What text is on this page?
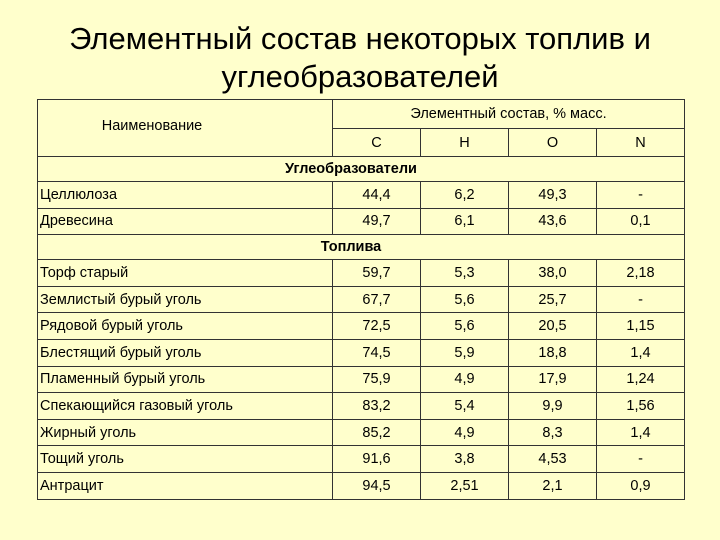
Элементный состав некоторых топлив и
углеобразователей
Наименование	Элементный состав, % масс.			
	C	H	O	N
Углеобразователи				
Целлюлоза	44,4	6,2	49,3	-
Древесина	49,7	6,1	43,6	0,1
Топлива				
Торф старый	59,7	5,3	38,0	2,18
Землистый бурый уголь	67,7	5,6	25,7	-
Рядовой бурый уголь	72,5	5,6	20,5	1,15
Блестящий бурый уголь	74,5	5,9	18,8	1,4
Пламенный бурый уголь	75,9	4,9	17,9	1,24
Спекающийся газовый уголь	83,2	5,4	9,9	1,56
Жирный уголь	85,2	4,9	8,3	1,4
Тощий уголь	91,6	3,8	4,53	-
Антрацит	94,5	2,51	2,1	0,9
